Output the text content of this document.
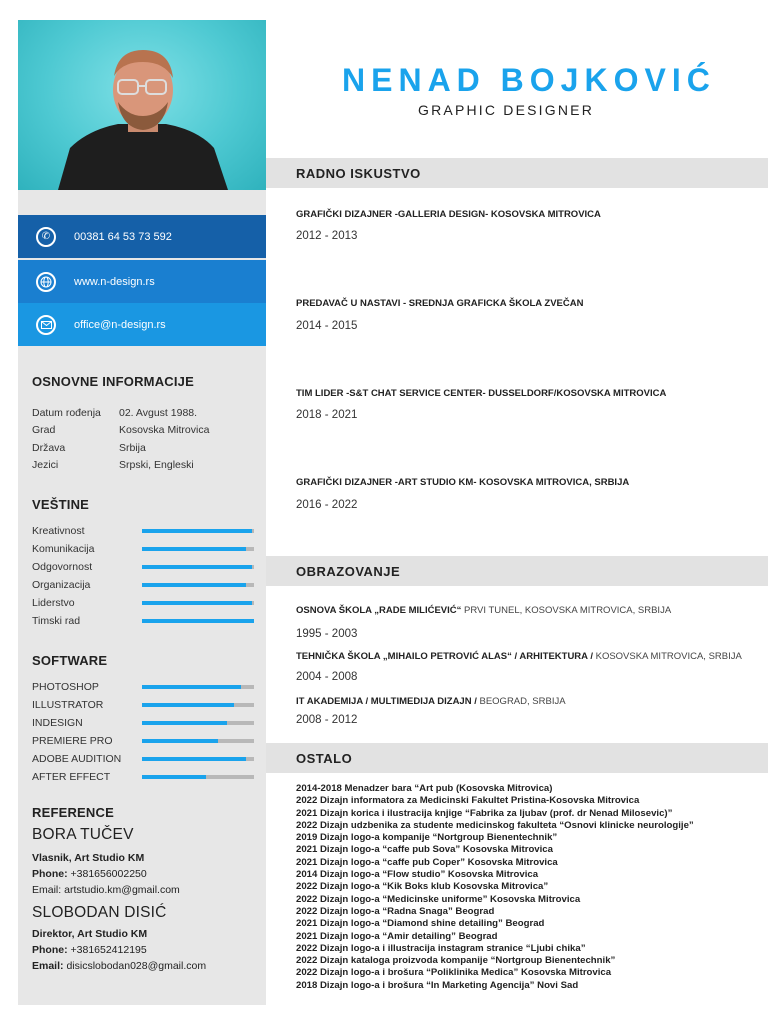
✆	00381 64 53 73 592
www.n-design.rs
office@n-design.rs
OSNOVNE INFORMACIJE
Datum rođenja	02. Avgust 1988.
Grad	Kosovska Mitrovica
Država	Srbija
Jezici	Srpski, Engleski
VEŠTINE
Kreativnost
Komunikacija
Odgovornost
Organizacija
Liderstvo
Timski rad
SOFTWARE
PHOTOSHOP
ILLUSTRATOR
INDESIGN
PREMIERE PRO
ADOBE AUDITION
AFTER EFFECT
REFERENCE
BORA TUČEV
Vlasnik, Art Studio KM
Phone: +381656002250
Email: artstudio.km@gmail.com
SLOBODAN DISIĆ
Direktor, Art Studio KM
Phone: +381652412195
Email: disicslobodan028@gmail.com
NENAD BOJKOVIĆ
GRAPHIC DESIGNER
RADNO ISKUSTVO
GRAFIČKI DIZAJNER -GALLERIA DESIGN- KOSOVSKA MITROVICA
2012 - 2013
PREDAVAČ U NASTAVI - SREDNJA GRAFICKA ŠKOLA ZVEČAN
2014 - 2015
TIM LIDER -S&T CHAT SERVICE CENTER- DUSSELDORF/KOSOVSKA MITROVICA
2018 - 2021
GRAFIČKI DIZAJNER -ART STUDIO KM- KOSOVSKA MITROVICA, SRBIJA
2016 - 2022
OBRAZOVANJE
OSNOVA ŠKOLA „RADE MILIĆEVIĆ“ PRVI TUNEL, KOSOVSKA MITROVICA, SRBIJA
1995 - 2003
TEHNIČKA ŠKOLA „MIHAILO PETROVIĆ ALAS“ / ARHITEKTURA / KOSOVSKA MITROVICA, SRBIJA
2004 - 2008
IT AKADEMIJA / MULTIMEDIJA DIZAJN / BEOGRAD, SRBIJA
2008 - 2012
OSTALO
2014-2018 Menadzer bara “Art pub (Kosovska Mitrovica)
2022 Dizajn informatora za Medicinski Fakultet Pristina-Kosovska Mitrovica
2021 Dizajn korica i ilustracija knjige “Fabrika za ljubav (prof. dr Nenad Milosevic)”
2022 Dizajn udzbenika za studente medicinskog fakulteta “Osnovi klinicke neurologije”
2019 Dizajn logo-a kompanije “Nortgroup Bienentechnik”
2021 Dizajn logo-a “caffe pub Sova” Kosovska Mitrovica
2021 Dizajn logo-a “caffe pub Coper” Kosovska Mitrovica
2014 Dizajn logo-a “Flow studio” Kosovska Mitrovica
2022 Dizajn logo-a “Kik Boks klub Kosovska Mitrovica”
2022 Dizajn logo-a “Medicinske uniforme” Kosovska Mitrovica
2022 Dizajn logo-a “Radna Snaga” Beograd
2021 Dizajn logo-a “Diamond shine detailing” Beograd
2021 Dizajn logo-a “Amir detailing” Beograd
2022 Dizajn logo-a i illustracija instagram stranice “Ljubi chika”
2022 Dizajn kataloga proizvoda kompanije “Nortgroup Bienentechnik”
2022 Dizajn logo-a i brošura “Poliklinika Medica” Kosovska Mitrovica
2018 Dizajn logo-a i brošura “In Marketing Agencija” Novi Sad
